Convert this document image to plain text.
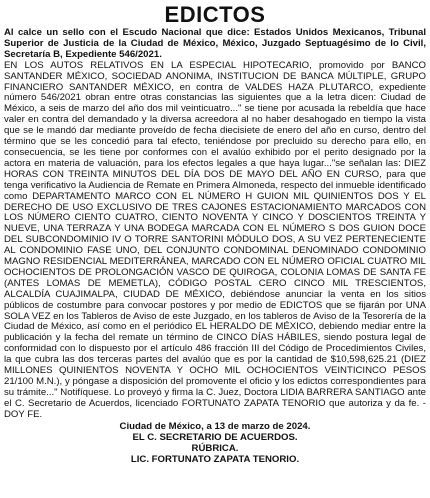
EDICTOS

Al calce un sello con el Escudo Nacional que dice: Estados Unidos Mexicanos, Tribunal Superior de Justicia de la Ciudad de México, México, Juzgado Septuagésimo de lo Civil, Secretaría B, Expediente 546/2021.

EN LOS AUTOS RELATIVOS EN LA ESPECIAL HIPOTECARIO, promovido por BANCO SANTANDER MÉXICO, SOCIEDAD ANONIMA, INSTITUCION DE BANCA MÚLTIPLE, GRUPO FINANCIERO SANTANDER MÉXICO, en contra de VALDES HAZA PLUTARCO, expediente número 546/2021 obran entre otras constancias las siguientes que a la letra dicen: Ciudad de México, a seis de marzo del año dos mil veinticuatro..." se tiene por acusada la rebeldía que hace valer en contra del demandado y la diversa acreedora al no haber desahogado en tiempo la vista que se le mandó dar mediante proveído de fecha diecisiete de enero del año en curso, dentro del término que se les concedió para tal efecto, teniéndose por precluido su derecho para ello, en consecuencia, se les tiene por conformes con el avalúo exhibido por el perito designado por la actora en materia de valuación, para los efectos legales a que haya lugar..."se señalan las: DIEZ HORAS CON TREINTA MINUTOS DEL DÍA DOS DE MAYO DEL AÑO EN CURSO, para que tenga verificativo la Audiencia de Remate en Primera Almoneda, respecto del inmueble identificado como DEPARTAMENTO MARCO CON EL NÚMERO H GUION MIL QUINIENTOS DOS Y EL DERECHO DE USO EXCLUSIVO DE TRES CAJONES ESTACIONAMIENTO MARCADOS CON LOS NÚMERO CIENTO CUATRO, CIENTO NOVENTA Y CINCO Y DOSCIENTOS TREINTA Y NUEVE, UNA TERRAZA Y UNA BODEGA MARCADA CON EL NÚMERO S DOS GUION DOCE DEL SUBCONDOMINIO IV O TORRE SANTORINI MÓDULO DOS, A SU VEZ PERTENECIENTE AL CONDOMINIO FASE UNO, DEL CONJUNTO CONDOMINAL DENOMINADO CONDOMINIO MAGNO RESIDENCIAL MEDITERRÁNEA, MARCADO CON EL NÚMERO OFICIAL CUATRO MIL OCHOCIENTOS DE PROLONGACIÓN VASCO DE QUIROGA, COLONIA LOMAS DE SANTA FE (ANTES LOMAS DE MEMETLA), CÓDIGO POSTAL CERO CINCO MIL TRESCIENTOS, ALCALDÍA CUAJIMALPA, CIUDAD DE MÉXICO, debiéndose anunciar la venta en los sitios públicos de costumbre para convocar postores y por medio de EDICTOS que se fijarán por UNA SOLA VEZ en los Tableros de Aviso de este Juzgado, en los tableros de Aviso de la Tesorería de la Ciudad de México, así como en el periódico EL HERALDO DE MÉXICO, debiendo mediar entre la publicación y la fecha del remate un término de CINCO DÍAS HÁBILES, siendo postura legal de conformidad con lo dispuesto por el artículo 486 fracción III del Código de Procedimientos Civiles, la que cubra las dos terceras partes del avalúo que es por la cantidad de $10,598,625.21 (DIEZ MILLONES QUINIENTOS NOVENTA Y OCHO MIL OCHOCIENTOS VEINTICINCO PESOS 21/100 M.N.), y póngase a disposición del promovente el oficio y los edictos correspondientes para su trámite..." Notifíquese. Lo proveyó y firma la C. Juez, Doctora LIDIA BARRERA SANTIAGO ante el C. Secretario de Acuerdos, licenciado FORTUNATO ZAPATA TENORIO que autoriza y da fe. - DOY FE.

Ciudad de México, a 13 de marzo de 2024.

EL C. SECRETARIO DE ACUERDOS.

RÚBRICA.

LIC. FORTUNATO ZAPATA TENORIO.
